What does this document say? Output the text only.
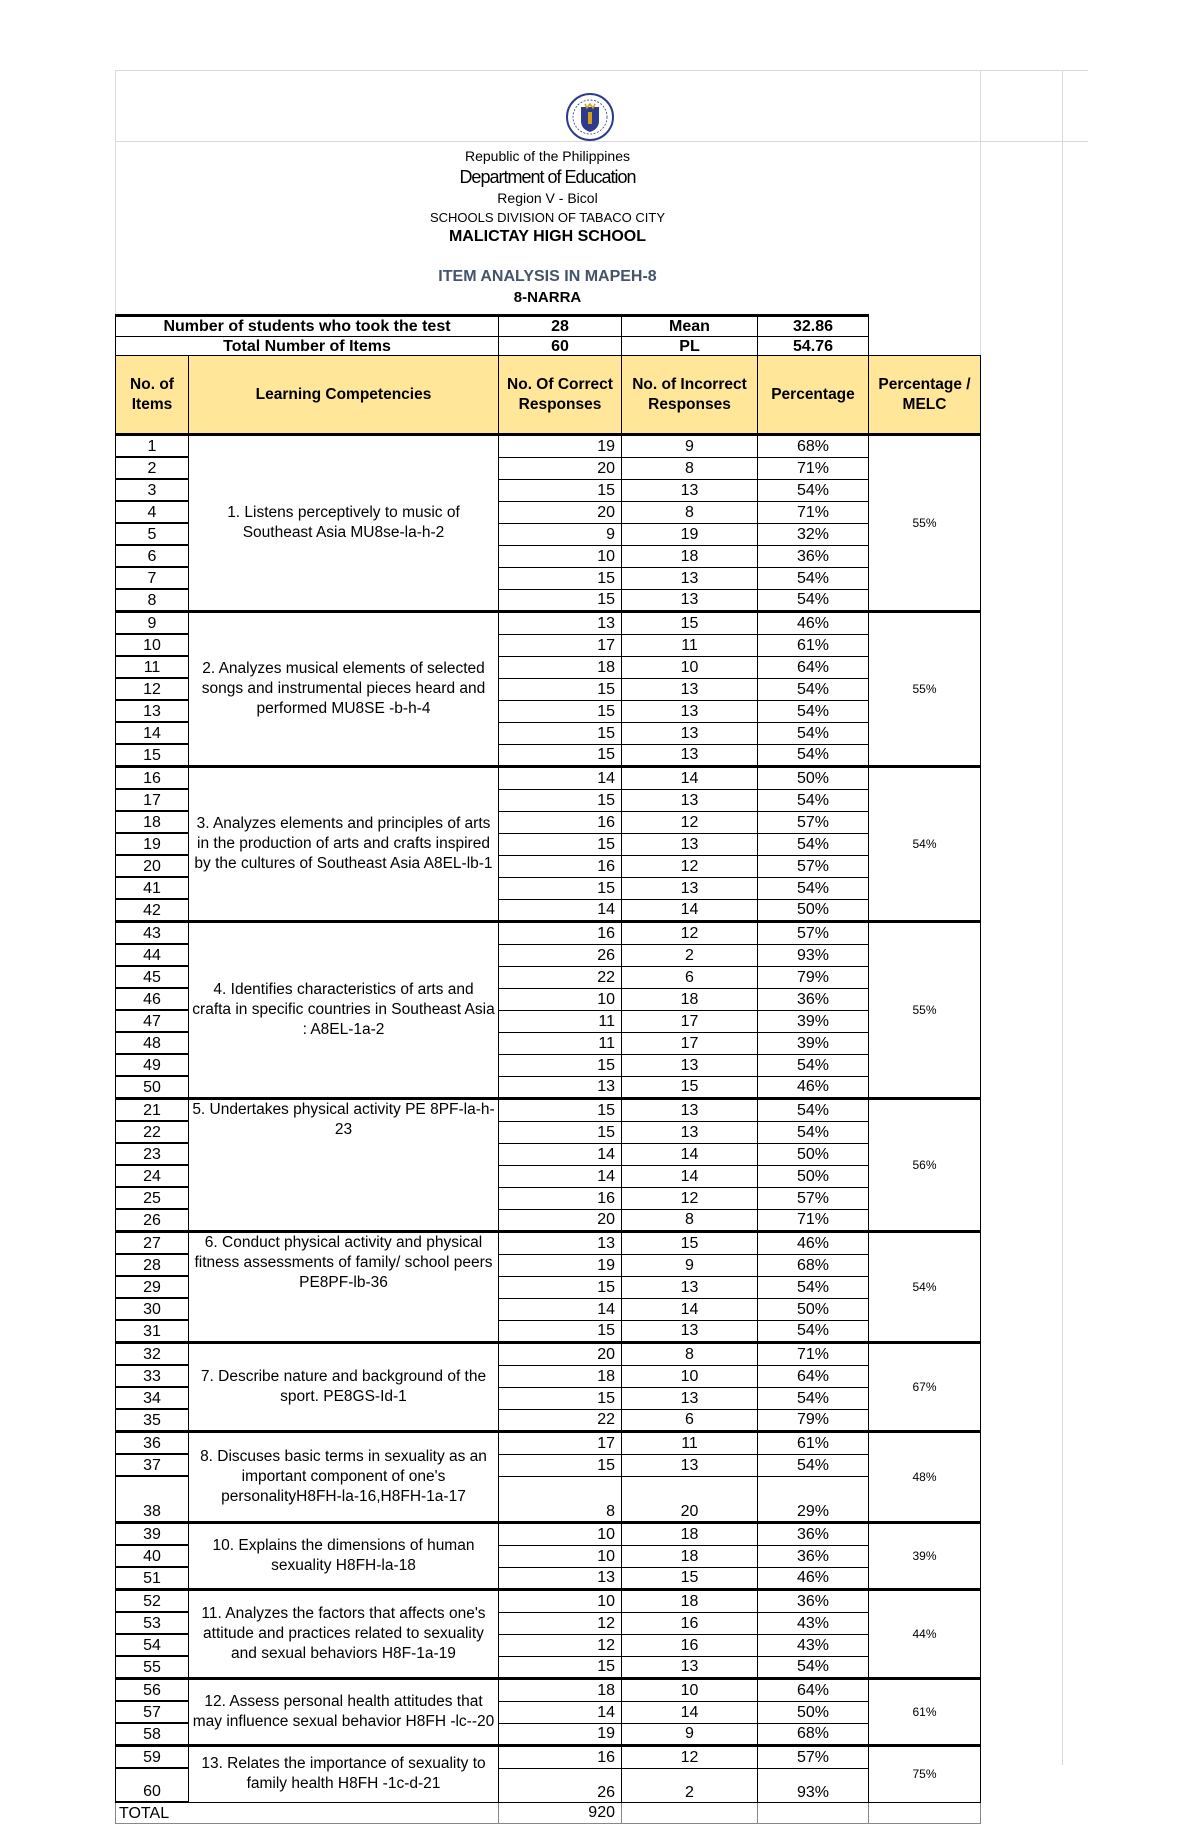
Republic of the Philippines
Department of Education
Region V - Bicol
SCHOOLS DIVISION OF TABACO CITY
MALICTAY HIGH SCHOOL
ITEM ANALYSIS IN MAPEH-8
8-NARRA
Number of students who took the test	28	Mean	32.86
Total Number of Items	60	PL	54.76
No. of Items	Learning Competencies	No. Of Correct Responses	No. of Incorrect Responses	Percentage	Percentage / MELC
1	1. Listens perceptively to music of Southeast Asia MU8se-la-h-2	19	9	68%	55%
2		20	8	71%	
3		15	13	54%	
4		20	8	71%	
5		9	19	32%	
6		10	18	36%	
7		15	13	54%	
8		15	13	54%	
9	2. Analyzes musical elements of selected songs and instrumental pieces heard and performed MU8SE -b-h-4	13	15	46%	55%
10		17	11	61%	
11		18	10	64%	
12		15	13	54%	
13		15	13	54%	
14		15	13	54%	
15		15	13	54%	
16	3. Analyzes elements and principles of arts in the production of arts and crafts inspired by the cultures of Southeast Asia A8EL-lb-1	14	14	50%	54%
17		15	13	54%	
18		16	12	57%	
19		15	13	54%	
20		16	12	57%	
41		15	13	54%	
42		14	14	50%	
43	4. Identifies characteristics of arts and crafta in specific countries in Southeast Asia : A8EL-1a-2	16	12	57%	55%
44		26	2	93%	
45		22	6	79%	
46		10	18	36%	
47		11	17	39%	
48		11	17	39%	
49		15	13	54%	
50		13	15	46%	
21	5. Undertakes physical activity PE 8PF-la-h-23	15	13	54%	56%
22		15	13	54%	
23		14	14	50%	
24		14	14	50%	
25		16	12	57%	
26		20	8	71%	
27	6. Conduct physical activity and physical fitness assessments of family/ school peers PE8PF-lb-36	13	15	46%	54%
28		19	9	68%	
29		15	13	54%	
30		14	14	50%	
31		15	13	54%	
32	7. Describe nature and background of the sport. PE8GS-Id-1	20	8	71%	67%
33		18	10	64%	
34		15	13	54%	
35		22	6	79%	
36	8. Discuses basic terms in sexuality as an important component of one's personalityH8FH-la-16,H8FH-1a-17	17	11	61%	48%
37		15	13	54%	
38		8	20	29%	
39	10. Explains the dimensions of human sexuality H8FH-la-18	10	18	36%	39%
40		10	18	36%	
51		13	15	46%	
52	11. Analyzes the factors that affects one's attitude and practices related to sexuality and sexual behaviors H8F-1a-19	10	18	36%	44%
53		12	16	43%	
54		12	16	43%	
55		15	13	54%	
56	12. Assess personal health attitudes that may influence sexual behavior H8FH -lc--20	18	10	64%	61%
57		14	14	50%	
58		19	9	68%	
59	13. Relates the importance of sexuality to family health H8FH -1c-d-21	16	12	57%	75%
60		26	2	93%	
TOTAL		920			
